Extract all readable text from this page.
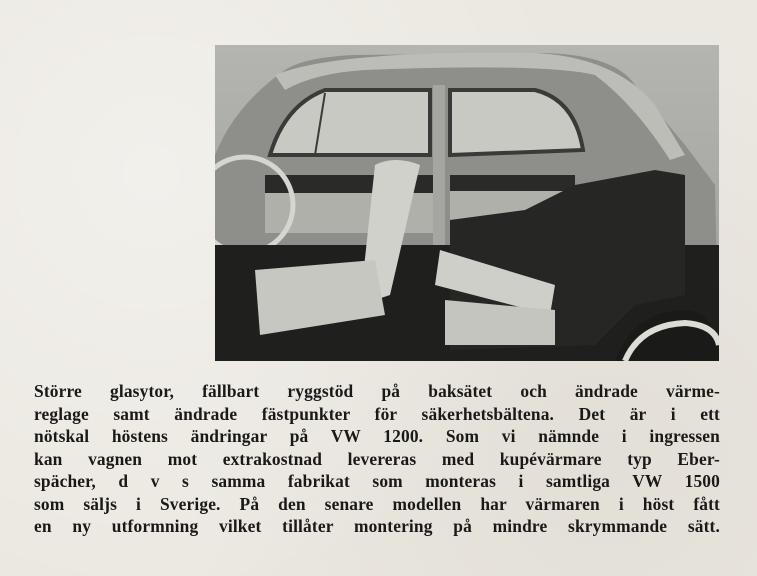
Större glasytor, fällbart ryggstöd på baksätet och ändrade värme-
reglage samt ändrade fästpunkter för säkerhetsbältena. Det är i ett
nötskal höstens ändringar på VW 1200. Som vi nämnde i ingressen
kan vagnen mot extrakostnad levereras med kupévärmare typ Eber-
spächer, d v s samma fabrikat som monteras i samtliga VW 1500
som säljs i Sverige. På den senare modellen har värmaren i höst fått
en ny utformning vilket tillåter montering på mindre skrymmande sätt.
